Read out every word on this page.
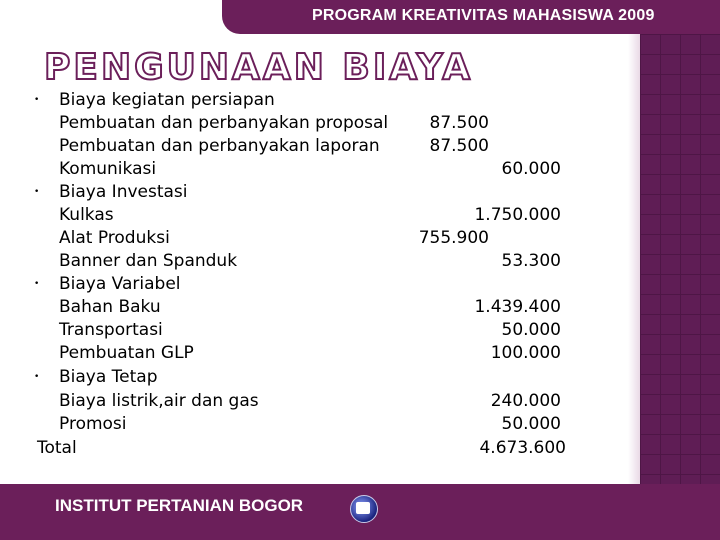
PROGRAM KREATIVITAS MAHASISWA 2009
PENGUNAAN BIAYA
• Biaya kegiatan persiapan
Pembuatan dan perbanyakan proposal	87.500
Pembuatan dan perbanyakan laporan	87.500
Komunikasi	60.000
• Biaya Investasi
Kulkas	1.750.000
Alat Produksi	755.900
Banner dan Spanduk	53.300
• Biaya Variabel
Bahan Baku	1.439.400
Transportasi	50.000
Pembuatan GLP	100.000
• Biaya Tetap
Biaya listrik,air dan gas	240.000
Promosi	50.000
Total	4.673.600
INSTITUT PERTANIAN BOGOR
